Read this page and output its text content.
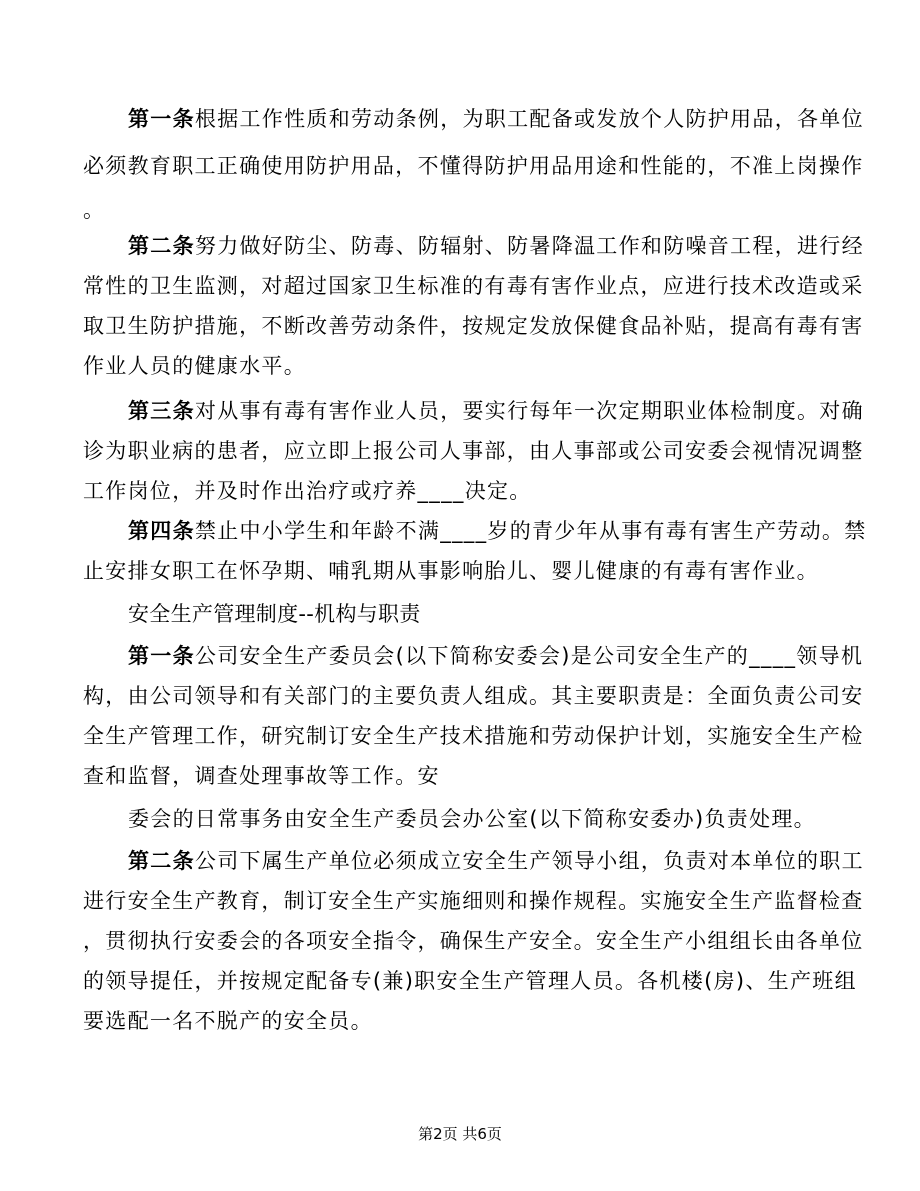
第一条根据工作性质和劳动条例，为职工配备或发放个人防护用品，各单位

必须教育职工正确使用防护用品，不懂得防护用品用途和性能的，不准上岗操作

。

第二条努力做好防尘、防毒、防辐射、防暑降温工作和防噪音工程，进行经

常性的卫生监测，对超过国家卫生标准的有毒有害作业点，应进行技术改造或采

取卫生防护措施，不断改善劳动条件，按规定发放保健食品补贴，提高有毒有害

作业人员的健康水平。

第三条对从事有毒有害作业人员，要实行每年一次定期职业体检制度。对确

诊为职业病的患者，应立即上报公司人事部，由人事部或公司安委会视情况调整

工作岗位，并及时作出治疗或疗养____决定。

第四条禁止中小学生和年龄不满____岁的青少年从事有毒有害生产劳动。禁

止安排女职工在怀孕期、哺乳期从事影响胎儿、婴儿健康的有毒有害作业。

安全生产管理制度--机构与职责

第一条公司安全生产委员会(以下简称安委会)是公司安全生产的____领导机

构，由公司领导和有关部门的主要负责人组成。其主要职责是：全面负责公司安

全生产管理工作，研究制订安全生产技术措施和劳动保护计划，实施安全生产检

查和监督，调查处理事故等工作。安

委会的日常事务由安全生产委员会办公室(以下简称安委办)负责处理。

第二条公司下属生产单位必须成立安全生产领导小组，负责对本单位的职工

进行安全生产教育，制订安全生产实施细则和操作规程。实施安全生产监督检查

，贯彻执行安委会的各项安全指令，确保生产安全。安全生产小组组长由各单位

的领导提任，并按规定配备专(兼)职安全生产管理人员。各机楼(房)、生产班组

要选配一名不脱产的安全员。

第2页 共6页
